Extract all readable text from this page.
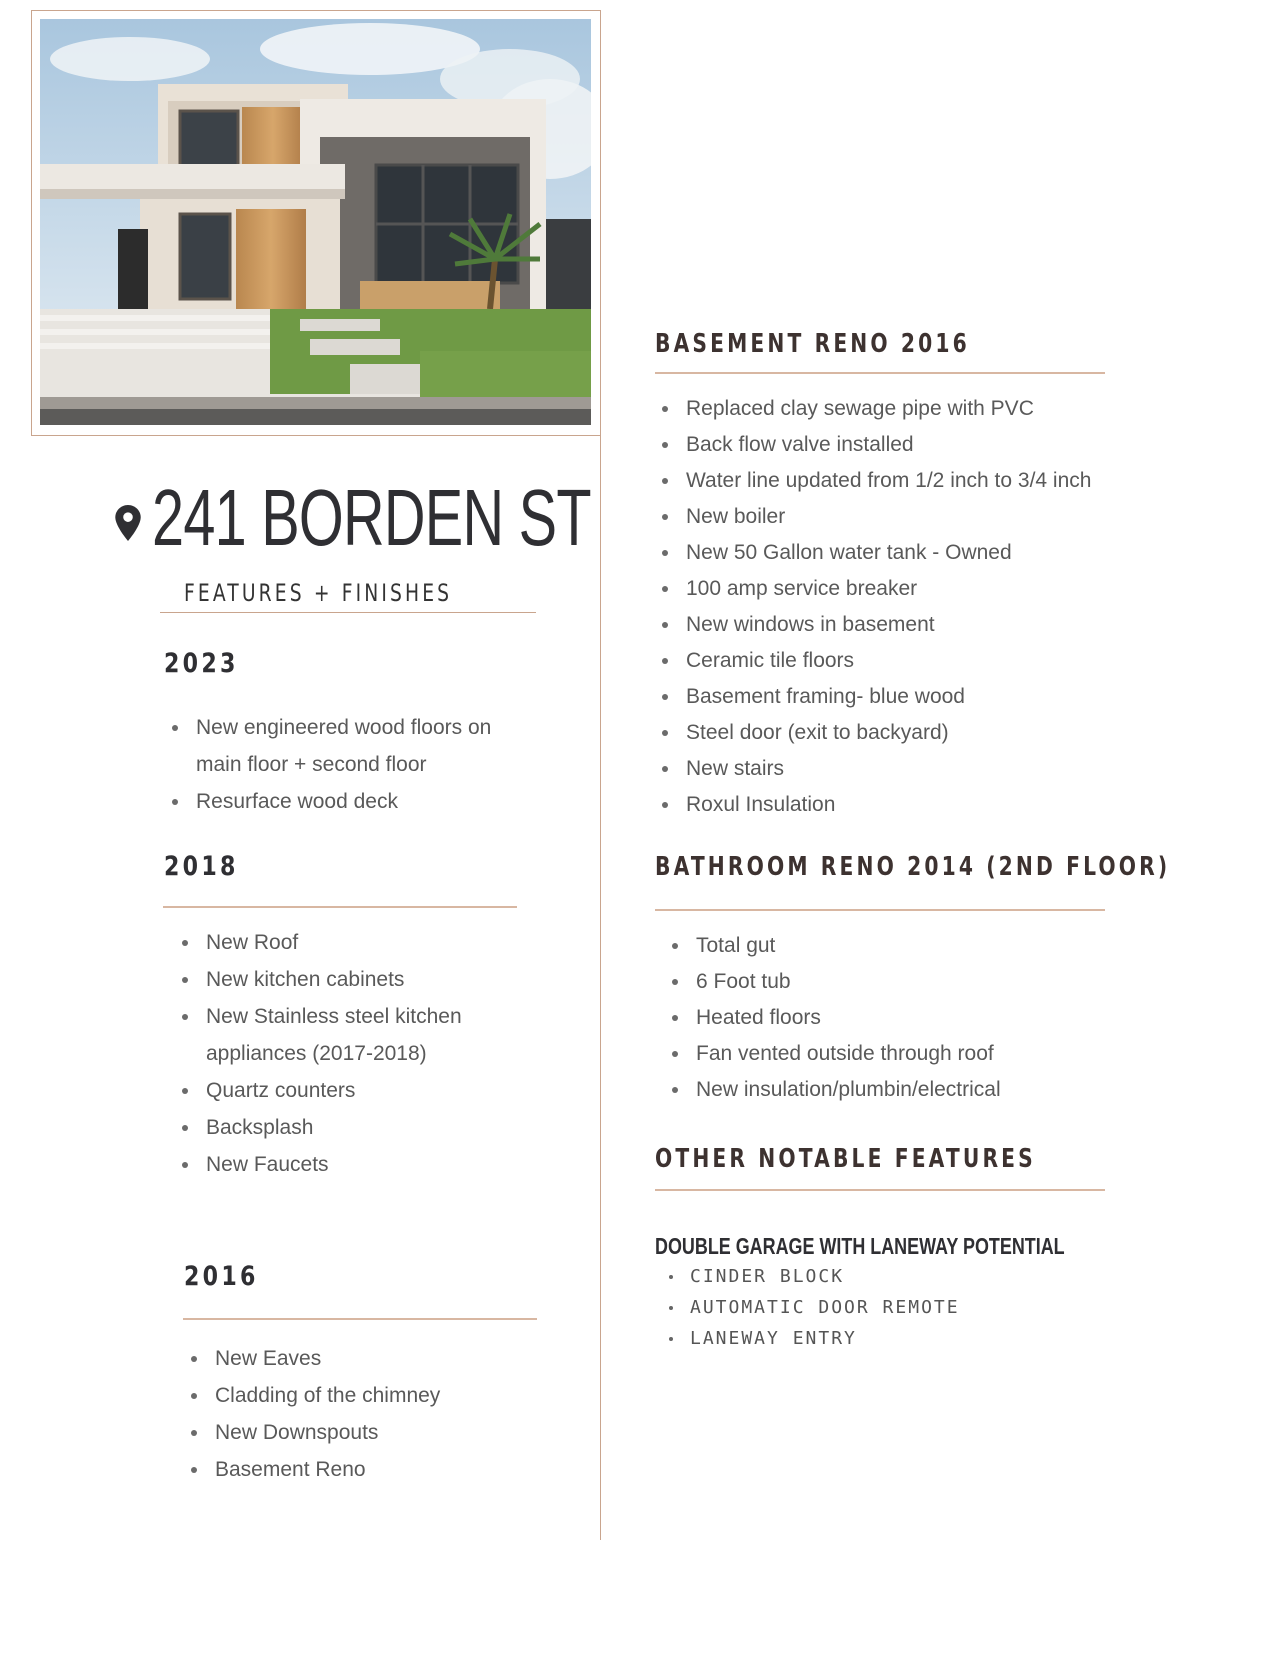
241 BORDEN ST
FEATURES + FINISHES
2023
New engineered wood floors on
main floor + second floor
Resurface wood deck
2018
New Roof
New kitchen cabinets
New Stainless steel kitchen
appliances (2017-2018)
Quartz counters
Backsplash
New Faucets
2016
New Eaves
Cladding of the chimney
New Downspouts
Basement Reno
BASEMENT RENO 2016
Replaced clay sewage pipe with PVC
Back flow valve installed
Water line updated from 1/2 inch to 3/4 inch
New boiler
New 50 Gallon water tank - Owned
100 amp service breaker
New windows in basement
Ceramic tile floors
Basement framing- blue wood
Steel door (exit to backyard)
New stairs
Roxul Insulation
BATHROOM RENO 2014 (2ND FLOOR)
Total gut
6 Foot tub
Heated floors
Fan vented outside through roof
New insulation/plumbin/electrical
OTHER NOTABLE FEATURES
DOUBLE GARAGE WITH LANEWAY POTENTIAL
CINDER BLOCK
AUTOMATIC DOOR REMOTE
LANEWAY ENTRY
